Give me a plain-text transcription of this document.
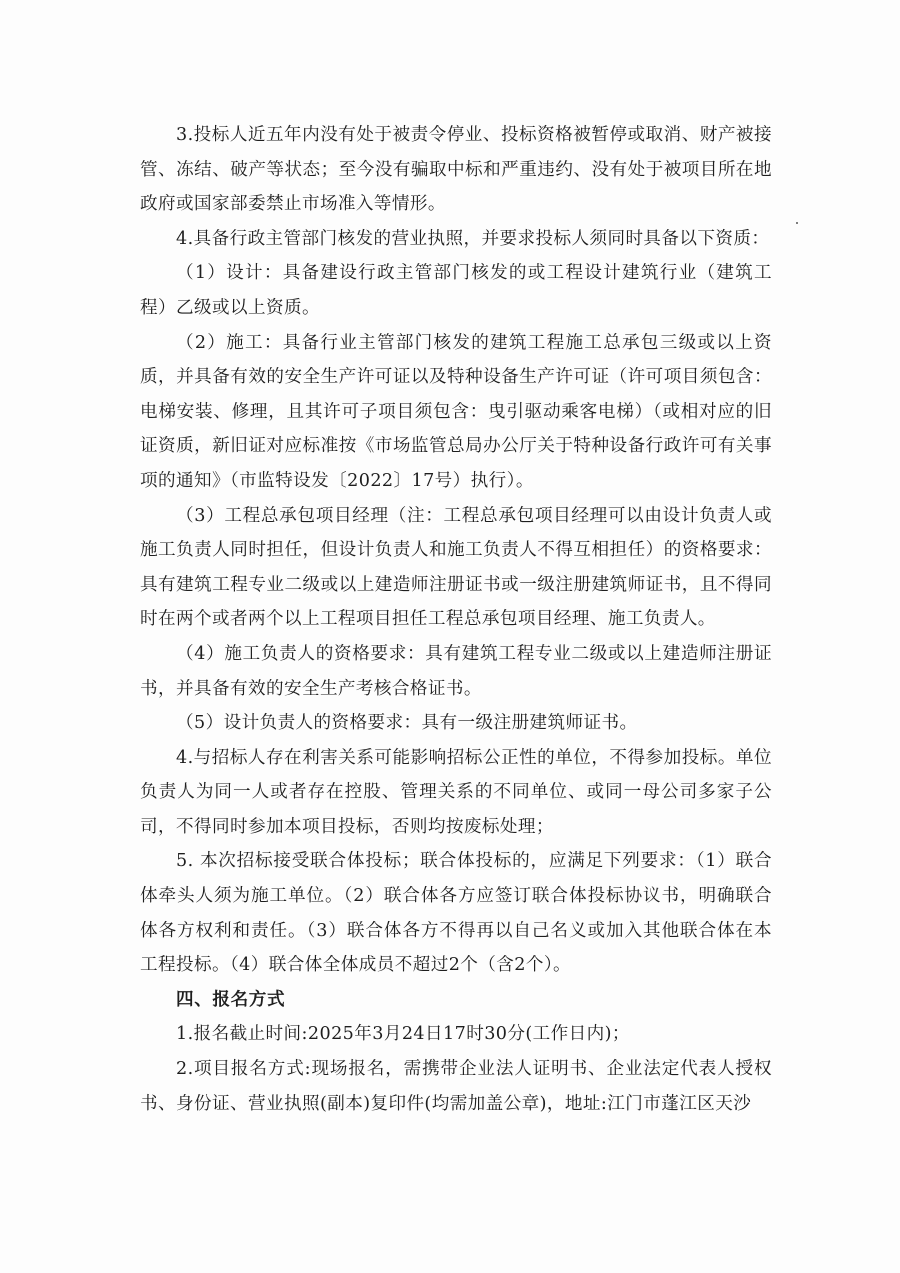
3.投标人近五年内没有处于被责令停业、投标资格被暂停或取消、财产被接管、冻结、破产等状态；至今没有骗取中标和严重违约、没有处于被项目所在地政府或国家部委禁止市场准入等情形。

4.具备行政主管部门核发的营业执照，并要求投标人须同时具备以下资质：

（1）设计：具备建设行政主管部门核发的或工程设计建筑行业（建筑工程）乙级或以上资质。

（2）施工：具备行业主管部门核发的建筑工程施工总承包三级或以上资质，并具备有效的安全生产许可证以及特种设备生产许可证（许可项目须包含：电梯安装、修理，且其许可子项目须包含：曳引驱动乘客电梯）（或相对应的旧证资质，新旧证对应标准按《市场监管总局办公厅关于特种设备行政许可有关事项的通知》（市监特设发〔2022〕17号）执行）。

（3）工程总承包项目经理（注：工程总承包项目经理可以由设计负责人或施工负责人同时担任，但设计负责人和施工负责人不得互相担任）的资格要求：具有建筑工程专业二级或以上建造师注册证书或一级注册建筑师证书，且不得同时在两个或者两个以上工程项目担任工程总承包项目经理、施工负责人。

（4）施工负责人的资格要求：具有建筑工程专业二级或以上建造师注册证书，并具备有效的安全生产考核合格证书。

（5）设计负责人的资格要求：具有一级注册建筑师证书。

4.与招标人存在利害关系可能影响招标公正性的单位，不得参加投标。单位负责人为同一人或者存在控股、管理关系的不同单位、或同一母公司多家子公司，不得同时参加本项目投标，否则均按废标处理；

5. 本次招标接受联合体投标；联合体投标的，应满足下列要求：（1）联合体牵头人须为施工单位。（2）联合体各方应签订联合体投标协议书，明确联合体各方权利和责任。（3）联合体各方不得再以自己名义或加入其他联合体在本工程投标。（4）联合体全体成员不超过2个（含2个）。

四、报名方式

1.报名截止时间:2025年3月24日17时30分(工作日内)；

2.项目报名方式:现场报名，需携带企业法人证明书、企业法定代表人授权书、身份证、营业执照(副本)复印件(均需加盖公章)，地址:江门市蓬江区天沙
